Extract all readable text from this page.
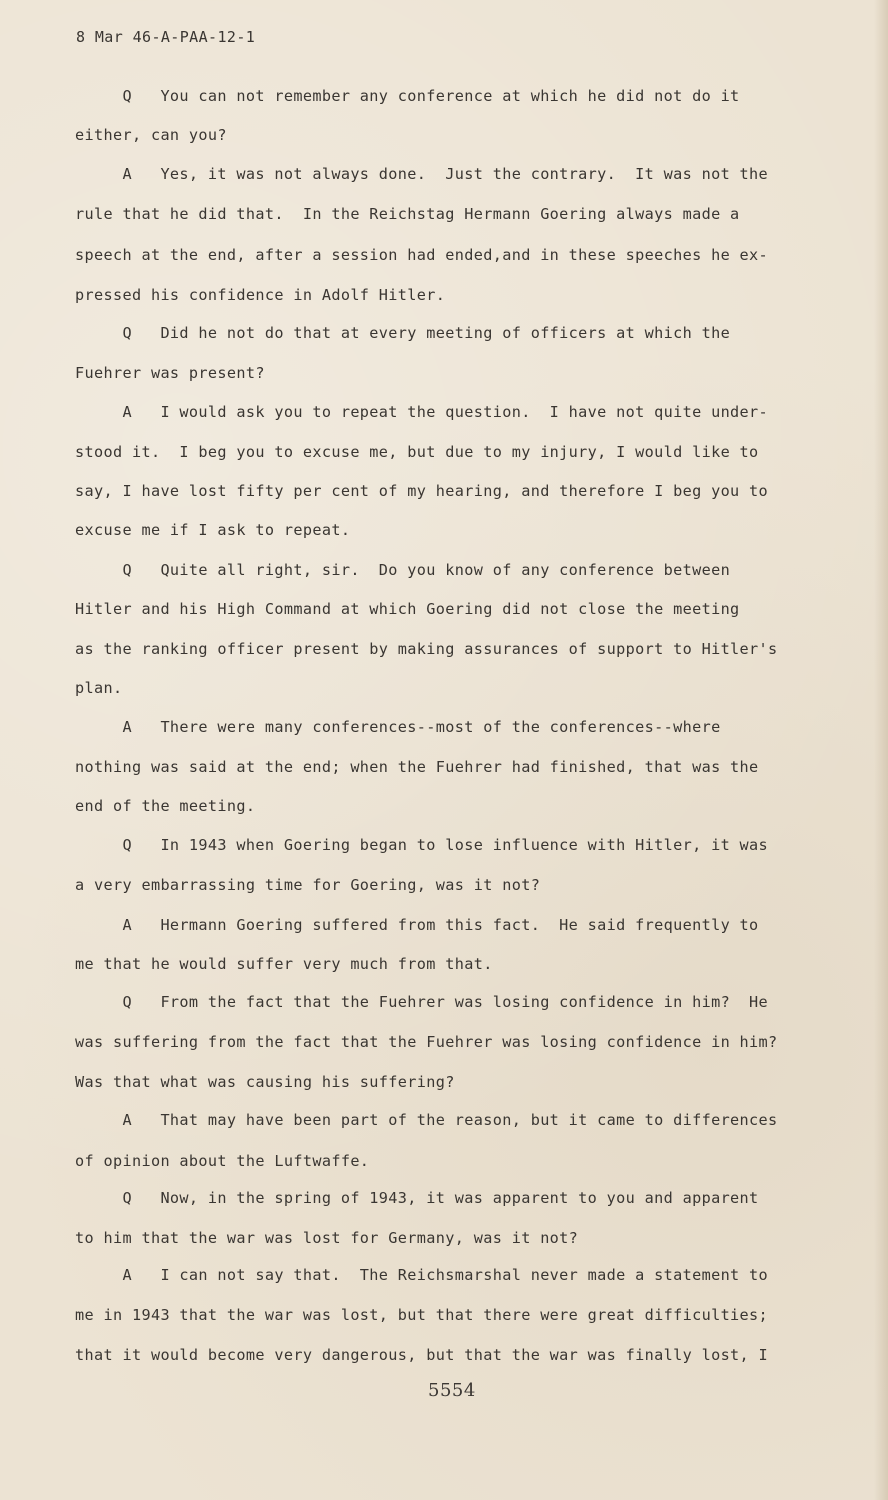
8 Mar 46-A-PAA-12-1
Q   You can not remember any conference at which he did not do it
either, can you?
A   Yes, it was not always done.  Just the contrary.  It was not the
rule that he did that.  In the Reichstag Hermann Goering always made a
speech at the end, after a session had ended,and in these speeches he ex-
pressed his confidence in Adolf Hitler.
Q   Did he not do that at every meeting of officers at which the
Fuehrer was present?
A   I would ask you to repeat the question.  I have not quite under-
stood it.  I beg you to excuse me, but due to my injury, I would like to
say, I have lost fifty per cent of my hearing, and therefore I beg you to
excuse me if I ask to repeat.
Q   Quite all right, sir.  Do you know of any conference between
Hitler and his High Command at which Goering did not close the meeting
as the ranking officer present by making assurances of support to Hitler's
plan.
A   There were many conferences--most of the conferences--where
nothing was said at the end; when the Fuehrer had finished, that was the
end of the meeting.
Q   In 1943 when Goering began to lose influence with Hitler, it was
a very embarrassing time for Goering, was it not?
A   Hermann Goering suffered from this fact.  He said frequently to
me that he would suffer very much from that.
Q   From the fact that the Fuehrer was losing confidence in him?  He
was suffering from the fact that the Fuehrer was losing confidence in him?
Was that what was causing his suffering?
A   That may have been part of the reason, but it came to differences
of opinion about the Luftwaffe.
Q   Now, in the spring of 1943, it was apparent to you and apparent
to him that the war was lost for Germany, was it not?
A   I can not say that.  The Reichsmarshal never made a statement to
me in 1943 that the war was lost, but that there were great difficulties;
that it would become very dangerous, but that the war was finally lost, I
5554
